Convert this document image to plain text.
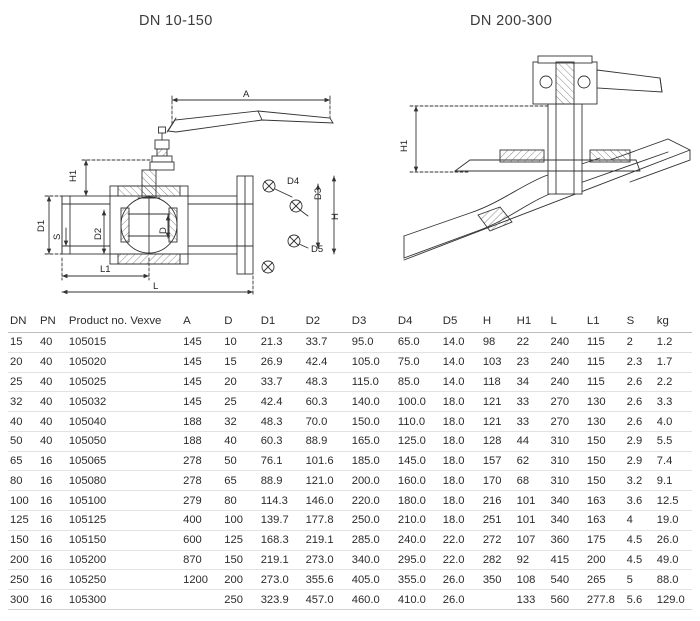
DN 10-150	DN 200-300
A
H1
D1
S	D2	D
L1
L
H
D3
D4
D5
H1
DN	PN	Product no. Vexve	A	D	D1	D2	D3	D4	D5	H	H1	L	L1	S	kg
15	40	105015	145	10	21.3	33.7	95.0	65.0	14.0	98	22	240	115	2	1.2
20	40	105020	145	15	26.9	42.4	105.0	75.0	14.0	103	23	240	115	2.3	1.7
25	40	105025	145	20	33.7	48.3	115.0	85.0	14.0	118	34	240	115	2.6	2.2
32	40	105032	145	25	42.4	60.3	140.0	100.0	18.0	121	33	270	130	2.6	3.3
40	40	105040	188	32	48.3	70.0	150.0	110.0	18.0	121	33	270	130	2.6	4.0
50	40	105050	188	40	60.3	88.9	165.0	125.0	18.0	128	44	310	150	2.9	5.5
65	16	105065	278	50	76.1	101.6	185.0	145.0	18.0	157	62	310	150	2.9	7.4
80	16	105080	278	65	88.9	121.0	200.0	160.0	18.0	170	68	310	150	3.2	9.1
100	16	105100	279	80	114.3	146.0	220.0	180.0	18.0	216	101	340	163	3.6	12.5
125	16	105125	400	100	139.7	177.8	250.0	210.0	18.0	251	101	340	163	4	19.0
150	16	105150	600	125	168.3	219.1	285.0	240.0	22.0	272	107	360	175	4.5	26.0
200	16	105200	870	150	219.1	273.0	340.0	295.0	22.0	282	92	415	200	4.5	49.0
250	16	105250	1200	200	273.0	355.6	405.0	355.0	26.0	350	108	540	265	5	88.0
300	16	105300		250	323.9	457.0	460.0	410.0	26.0		133	560	277.8	5.6	129.0
